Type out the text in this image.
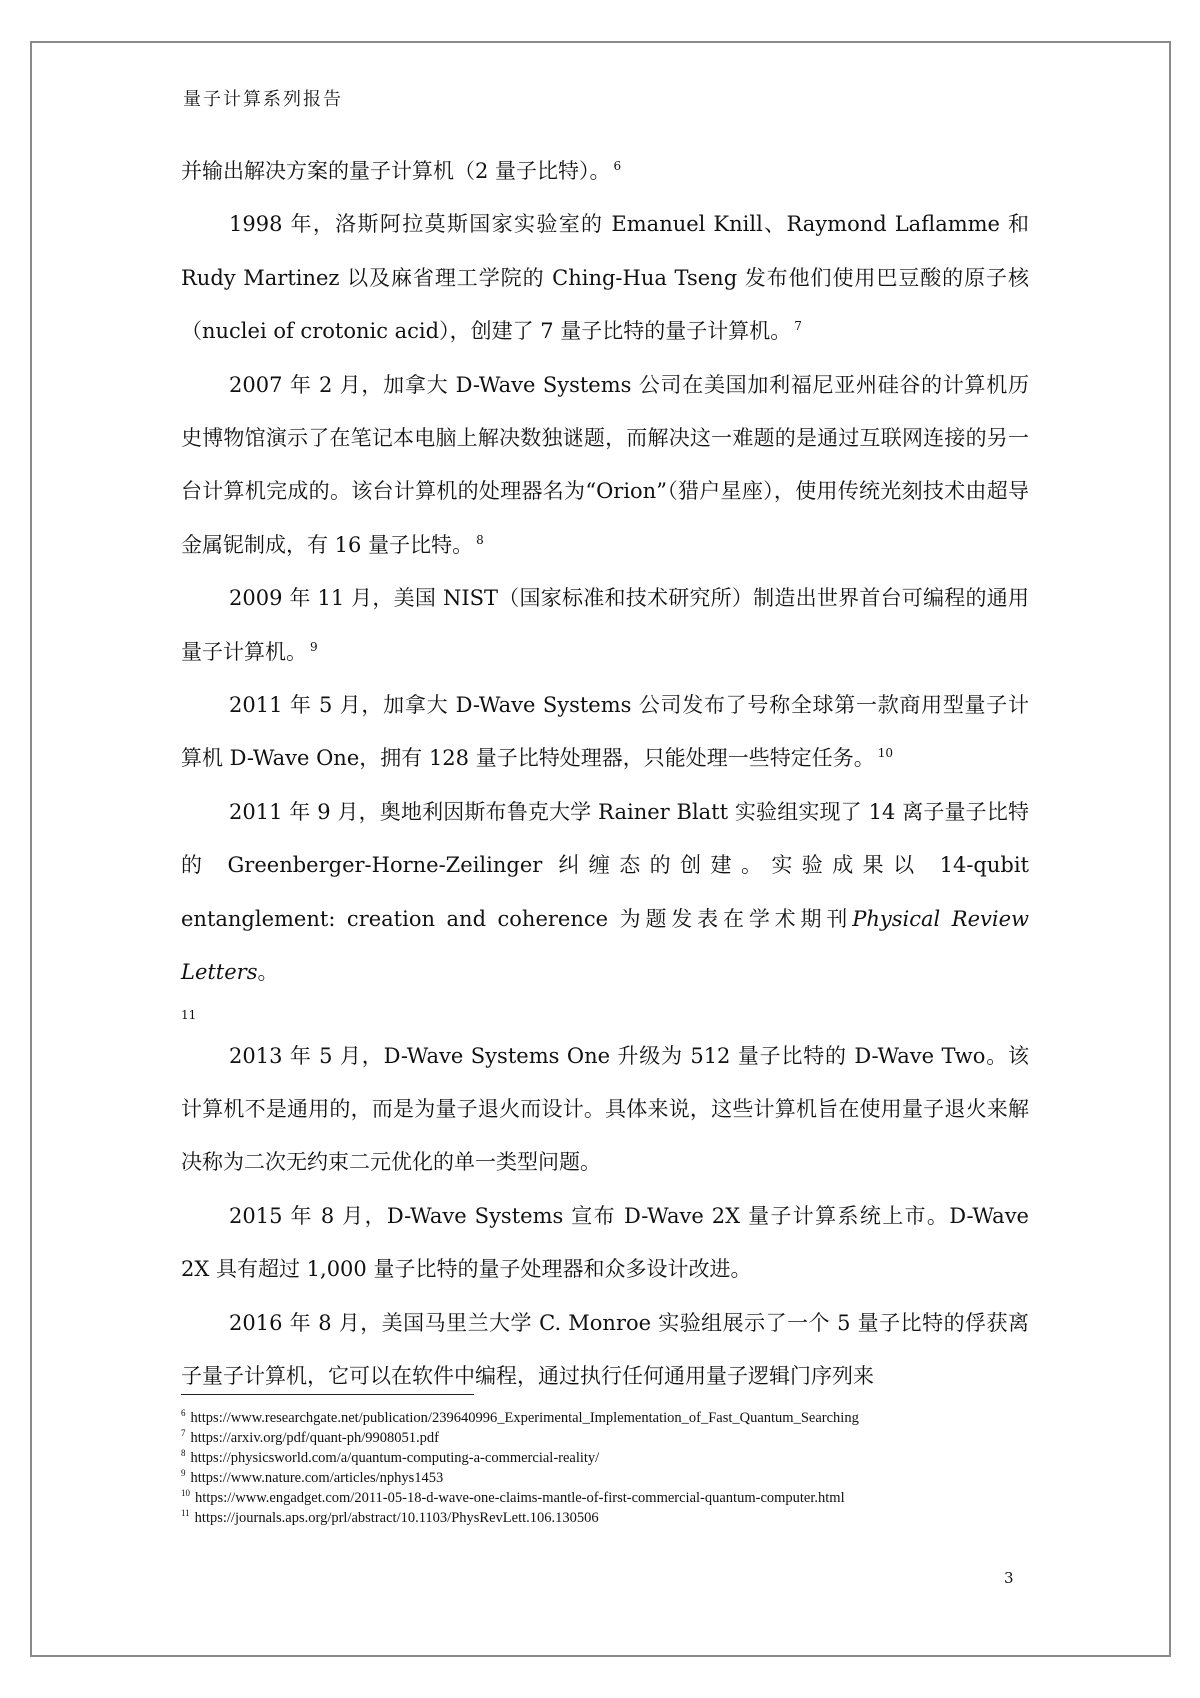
量子计算系列报告

并输出解决方案的量子计算机（2 量子比特）。 $^6$

1998 年，洛斯阿拉莫斯国家实验室的 Emanuel Knill、Raymond Laflamme 和 Rudy Martinez 以及麻省理工学院的 Ching-Hua Tseng 发布他们使用巴豆酸的原子核（nuclei of crotonic acid），创建了 7 量子比特的量子计算机。 $^7$

2007 年 2 月，加拿大 D-Wave Systems 公司在美国加利福尼亚州硅谷的计算机历史博物馆演示了在笔记本电脑上解决数独谜题，而解决这一难题的是通过互联网连接的另一台计算机完成的。该台计算机的处理器名为“Orion”（猎户星座），使用传统光刻技术由超导金属铌制成，有 16 量子比特。 $^8$

2009 年 11 月，美国 NIST（国家标准和技术研究所）制造出世界首台可编程的通用量子计算机。 $^9$

2011 年 5 月，加拿大 D-Wave Systems 公司发布了号称全球第一款商用型量子计算机 D-Wave One，拥有 128 量子比特处理器，只能处理一些特定任务。 $^{10}$

2011 年 9 月，奥地利因斯布鲁克大学 Rainer Blatt 实验组实现了 14 离子量子比特的 Greenberger-Horne-Zeilinger 纠缠态的创建。实验成果以 14-qubit entanglement: creation and coherence 为题发表在学术期刊Physical Review Letters。

11

2013 年 5 月，D-Wave Systems One 升级为 512 量子比特的 D-Wave Two。该计算机不是通用的，而是为量子退火而设计。具体来说，这些计算机旨在使用量子退火来解决称为二次无约束二元优化的单一类型问题。

2015 年 8 月，D-Wave Systems 宣布 D-Wave 2X 量子计算系统上市。D-Wave 2X 具有超过 1,000 量子比特的量子处理器和众多设计改进。

2016 年 8 月，美国马里兰大学 C. Monroe 实验组展示了一个 5 量子比特的俘获离子量子计算机，它可以在软件中编程，通过执行任何通用量子逻辑门序列来

$^6$ https://www.researchgate.net/publication/239640996_Experimental_Implementation_of_Fast_Quantum_Searching

$^7$ https://arxiv.org/pdf/quant-ph/9908051.pdf

$^8$ https://physicsworld.com/a/quantum-computing-a-commercial-reality/

$^9$ https://www.nature.com/articles/nphys1453

$^{10}$ https://www.engadget.com/2011-05-18-d-wave-one-claims-mantle-of-first-commercial-quantum-computer.html

$^{11}$ https://journals.aps.org/prl/abstract/10.1103/PhysRevLett.106.130506

3
